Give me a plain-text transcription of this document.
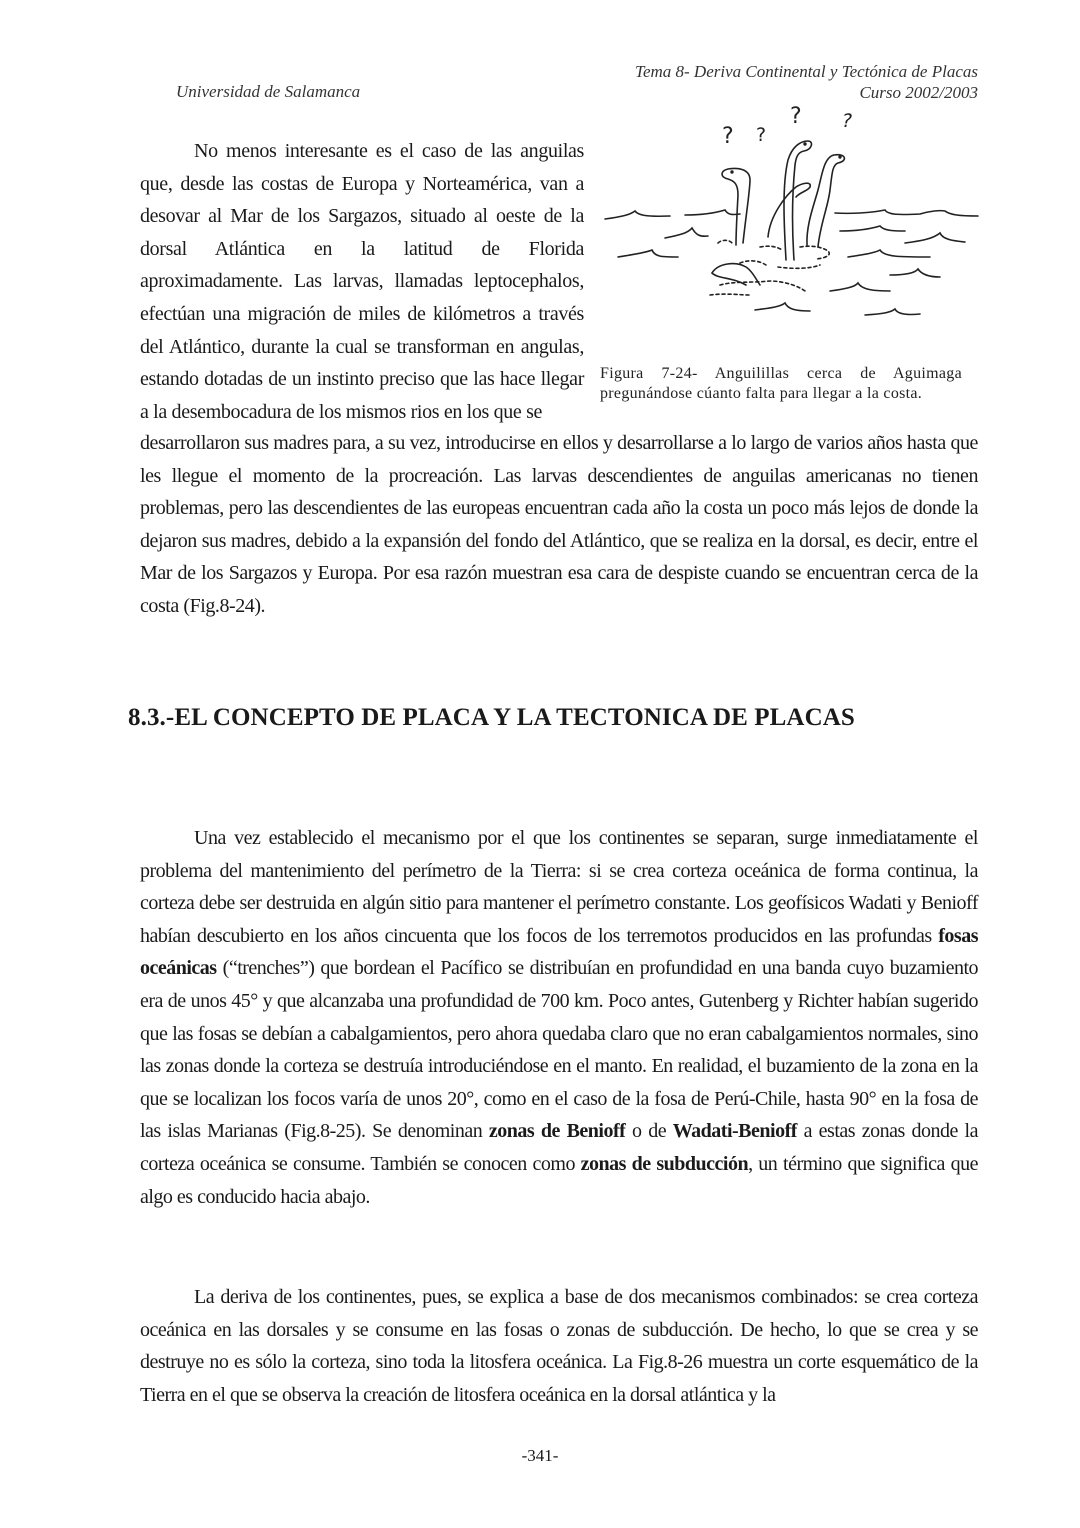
Universidad de Salamanca
Tema 8- Deriva Continental y Tectónica de Placas
Curso 2002/2003
No menos interesante es el caso de las anguilas que, desde las costas de Europa y Norteamérica, van a desovar al Mar de los Sargazos, situado al oeste de la dorsal Atlántica en la latitud de Florida aproximadamente. Las larvas, llamadas leptocephalos, efectúan una migración de miles de kilómetros a través del Atlántico, durante la cual se transforman en angulas, estando dotadas de un instinto preciso que las hace llegar a la desembocadura de los mismos rios en los que se
? ?
? ?
Figura 7-24- Anguilillas cerca de Aguimaga
pregunándose cúanto falta para llegar a la costa.
desarrollaron sus madres para, a su vez, introducirse en ellos y desarrollarse a lo largo de varios años hasta que les llegue el momento de la procreación. Las larvas descendientes de anguilas americanas no tienen problemas, pero las descendientes de las europeas encuentran cada año la costa un poco más lejos de donde la dejaron sus madres, debido a la expansión del fondo del Atlántico, que se realiza en la dorsal, es decir, entre el Mar de los Sargazos y Europa. Por esa razón muestran esa cara de despiste cuando se encuentran cerca de la costa (Fig.8-24).
8.3.-EL CONCEPTO DE PLACA Y LA TECTONICA DE PLACAS
Una vez establecido el mecanismo por el que los continentes se separan, surge inmediatamente el problema del mantenimiento del perímetro de la Tierra: si se crea corteza oceánica de forma continua, la corteza debe ser destruida en algún sitio para mantener el perímetro constante. Los geofísicos Wadati y Benioff habían descubierto en los años cincuenta que los focos de los terremotos producidos en las profundas fosas oceánicas (“trenches”) que bordean el Pacífico se distribuían en profundidad en una banda cuyo buzamiento era de unos 45° y que alcanzaba una profundidad de 700 km. Poco antes, Gutenberg y Richter habían sugerido que las fosas se debían a cabalgamientos, pero ahora quedaba claro que no eran cabalgamientos normales, sino las zonas donde la corteza se destruía introduciéndose en el manto. En realidad, el buzamiento de la zona en la que se localizan los focos varía de unos 20°, como en el caso de la fosa de Perú-Chile, hasta 90° en la fosa de las islas Marianas (Fig.8-25). Se denominan zonas de Benioff o de Wadati-Benioff a estas zonas donde la corteza oceánica se consume. También se conocen como zonas de subducción, un término que significa que algo es conducido hacia abajo.
La deriva de los continentes, pues, se explica a base de dos mecanismos combinados: se crea corteza oceánica en las dorsales y se consume en las fosas o zonas de subducción. De hecho, lo que se crea y se destruye no es sólo la corteza, sino toda la litosfera oceánica. La Fig.8-26 muestra un corte esquemático de la Tierra en el que se observa la creación de litosfera oceánica en la dorsal atlántica y la
-341-
